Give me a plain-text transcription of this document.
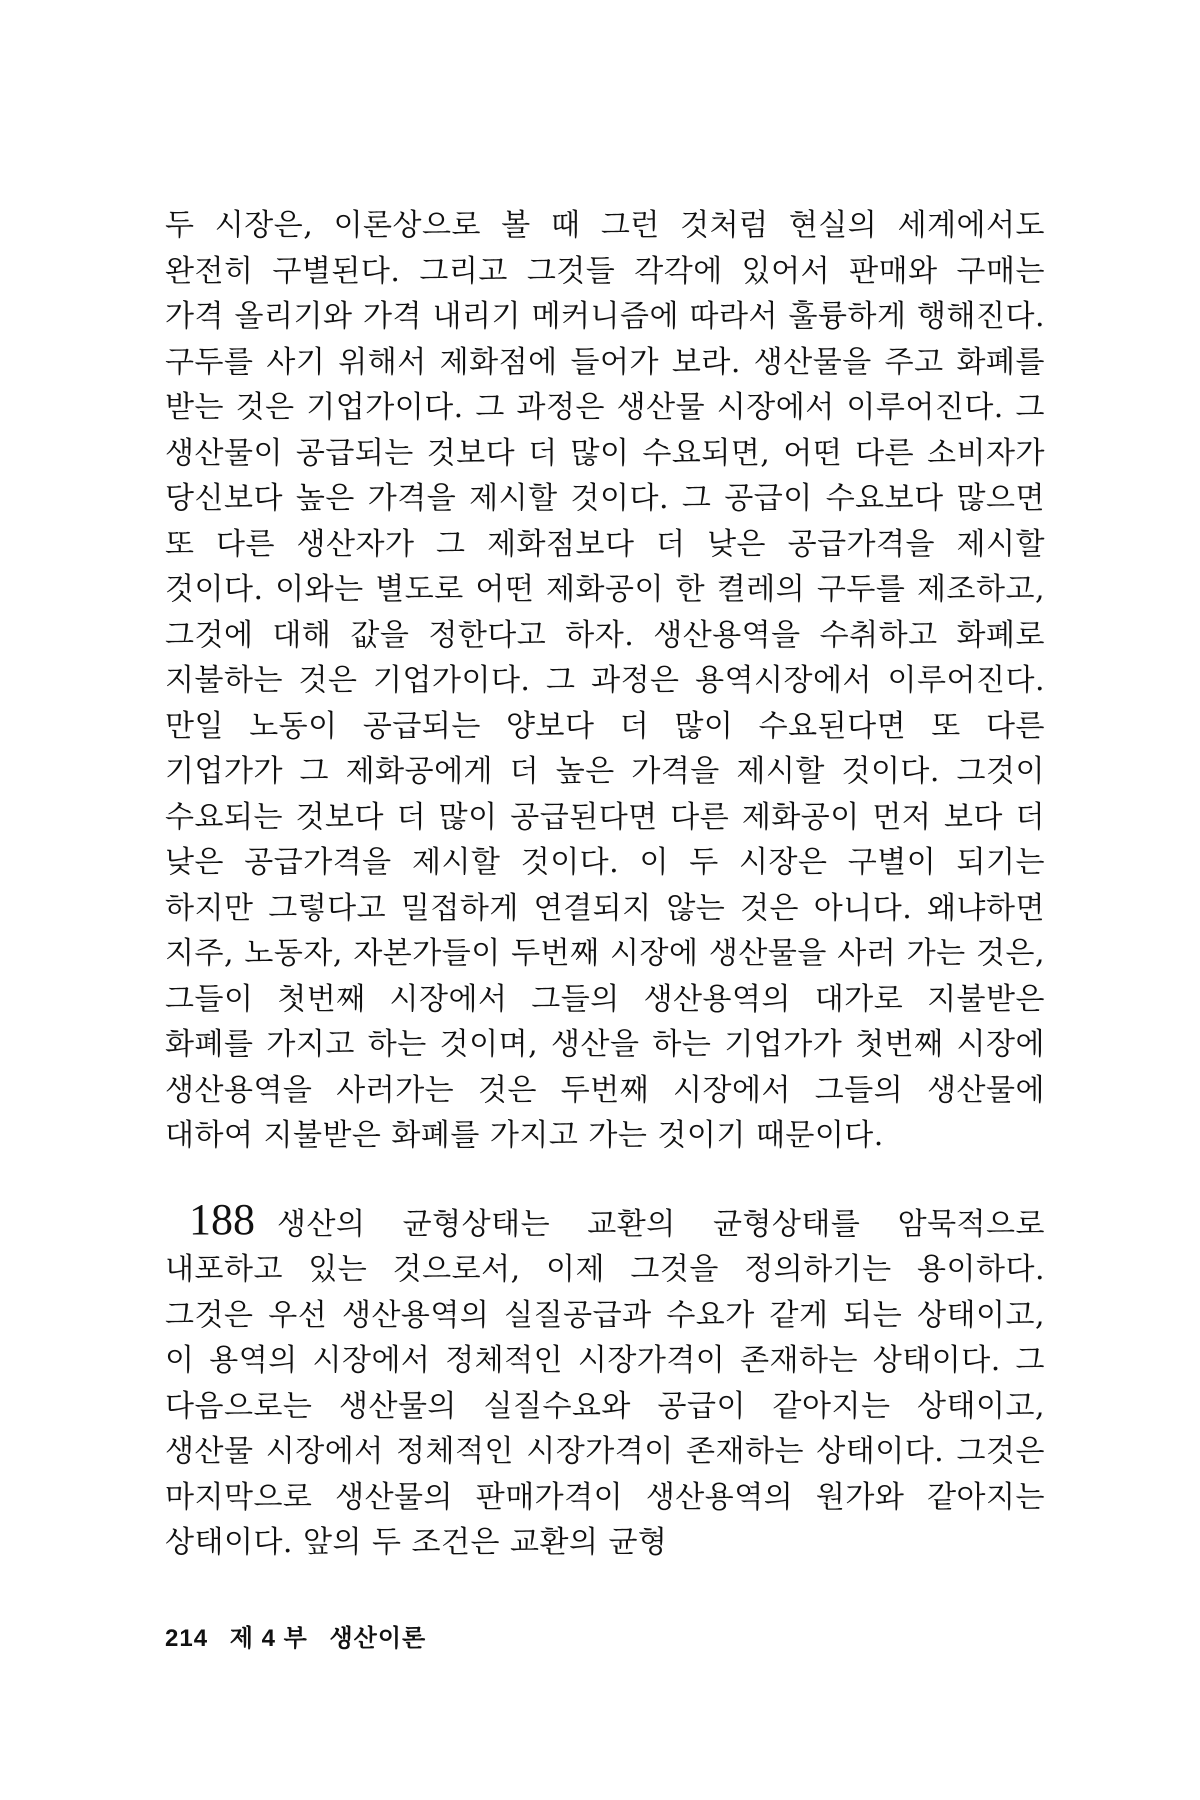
두 시장은, 이론상으로 볼 때 그런 것처럼 현실의 세계에서도 완전히 구별된다. 그리고 그것들 각각에 있어서 판매와 구매는 가격 올리기와 가격 내리기 메커니즘에 따라서 훌륭하게 행해진다. 구두를 사기 위해서 제화점에 들어가 보라. 생산물을 주고 화폐를 받는 것은 기업가이다. 그 과정은 생산물 시장에서 이루어진다. 그 생산물이 공급되는 것보다 더 많이 수요되면, 어떤 다른 소비자가 당신보다 높은 가격을 제시할 것이다. 그 공급이 수요보다 많으면 또 다른 생산자가 그 제화점보다 더 낮은 공급가격을 제시할 것이다. 이와는 별도로 어떤 제화공이 한 켤레의 구두를 제조하고, 그것에 대해 값을 정한다고 하자. 생산용역을 수취하고 화폐로 지불하는 것은 기업가이다. 그 과정은 용역시장에서 이루어진다. 만일 노동이 공급되는 양보다 더 많이 수요된다면 또 다른 기업가가 그 제화공에게 더 높은 가격을 제시할 것이다. 그것이 수요되는 것보다 더 많이 공급된다면 다른 제화공이 먼저 보다 더 낮은 공급가격을 제시할 것이다. 이 두 시장은 구별이 되기는 하지만 그렇다고 밀접하게 연결되지 않는 것은 아니다. 왜냐하면 지주, 노동자, 자본가들이 두번째 시장에 생산물을 사러 가는 것은, 그들이 첫번째 시장에서 그들의 생산용역의 대가로 지불받은 화폐를 가지고 하는 것이며, 생산을 하는 기업가가 첫번째 시장에 생산용역을 사러가는 것은 두번째 시장에서 그들의 생산물에 대하여 지불받은 화폐를 가지고 가는 것이기 때문이다.

188 생산의 균형상태는 교환의 균형상태를 암묵적으로 내포하고 있는 것으로서, 이제 그것을 정의하기는 용이하다. 그것은 우선 생산용역의 실질공급과 수요가 같게 되는 상태이고, 이 용역의 시장에서 정체적인 시장가격이 존재하는 상태이다. 그 다음으로는 생산물의 실질수요와 공급이 같아지는 상태이고, 생산물 시장에서 정체적인 시장가격이 존재하는 상태이다. 그것은 마지막으로 생산물의 판매가격이 생산용역의 원가와 같아지는 상태이다. 앞의 두 조건은 교환의 균형

214 제 4 부 생산이론
